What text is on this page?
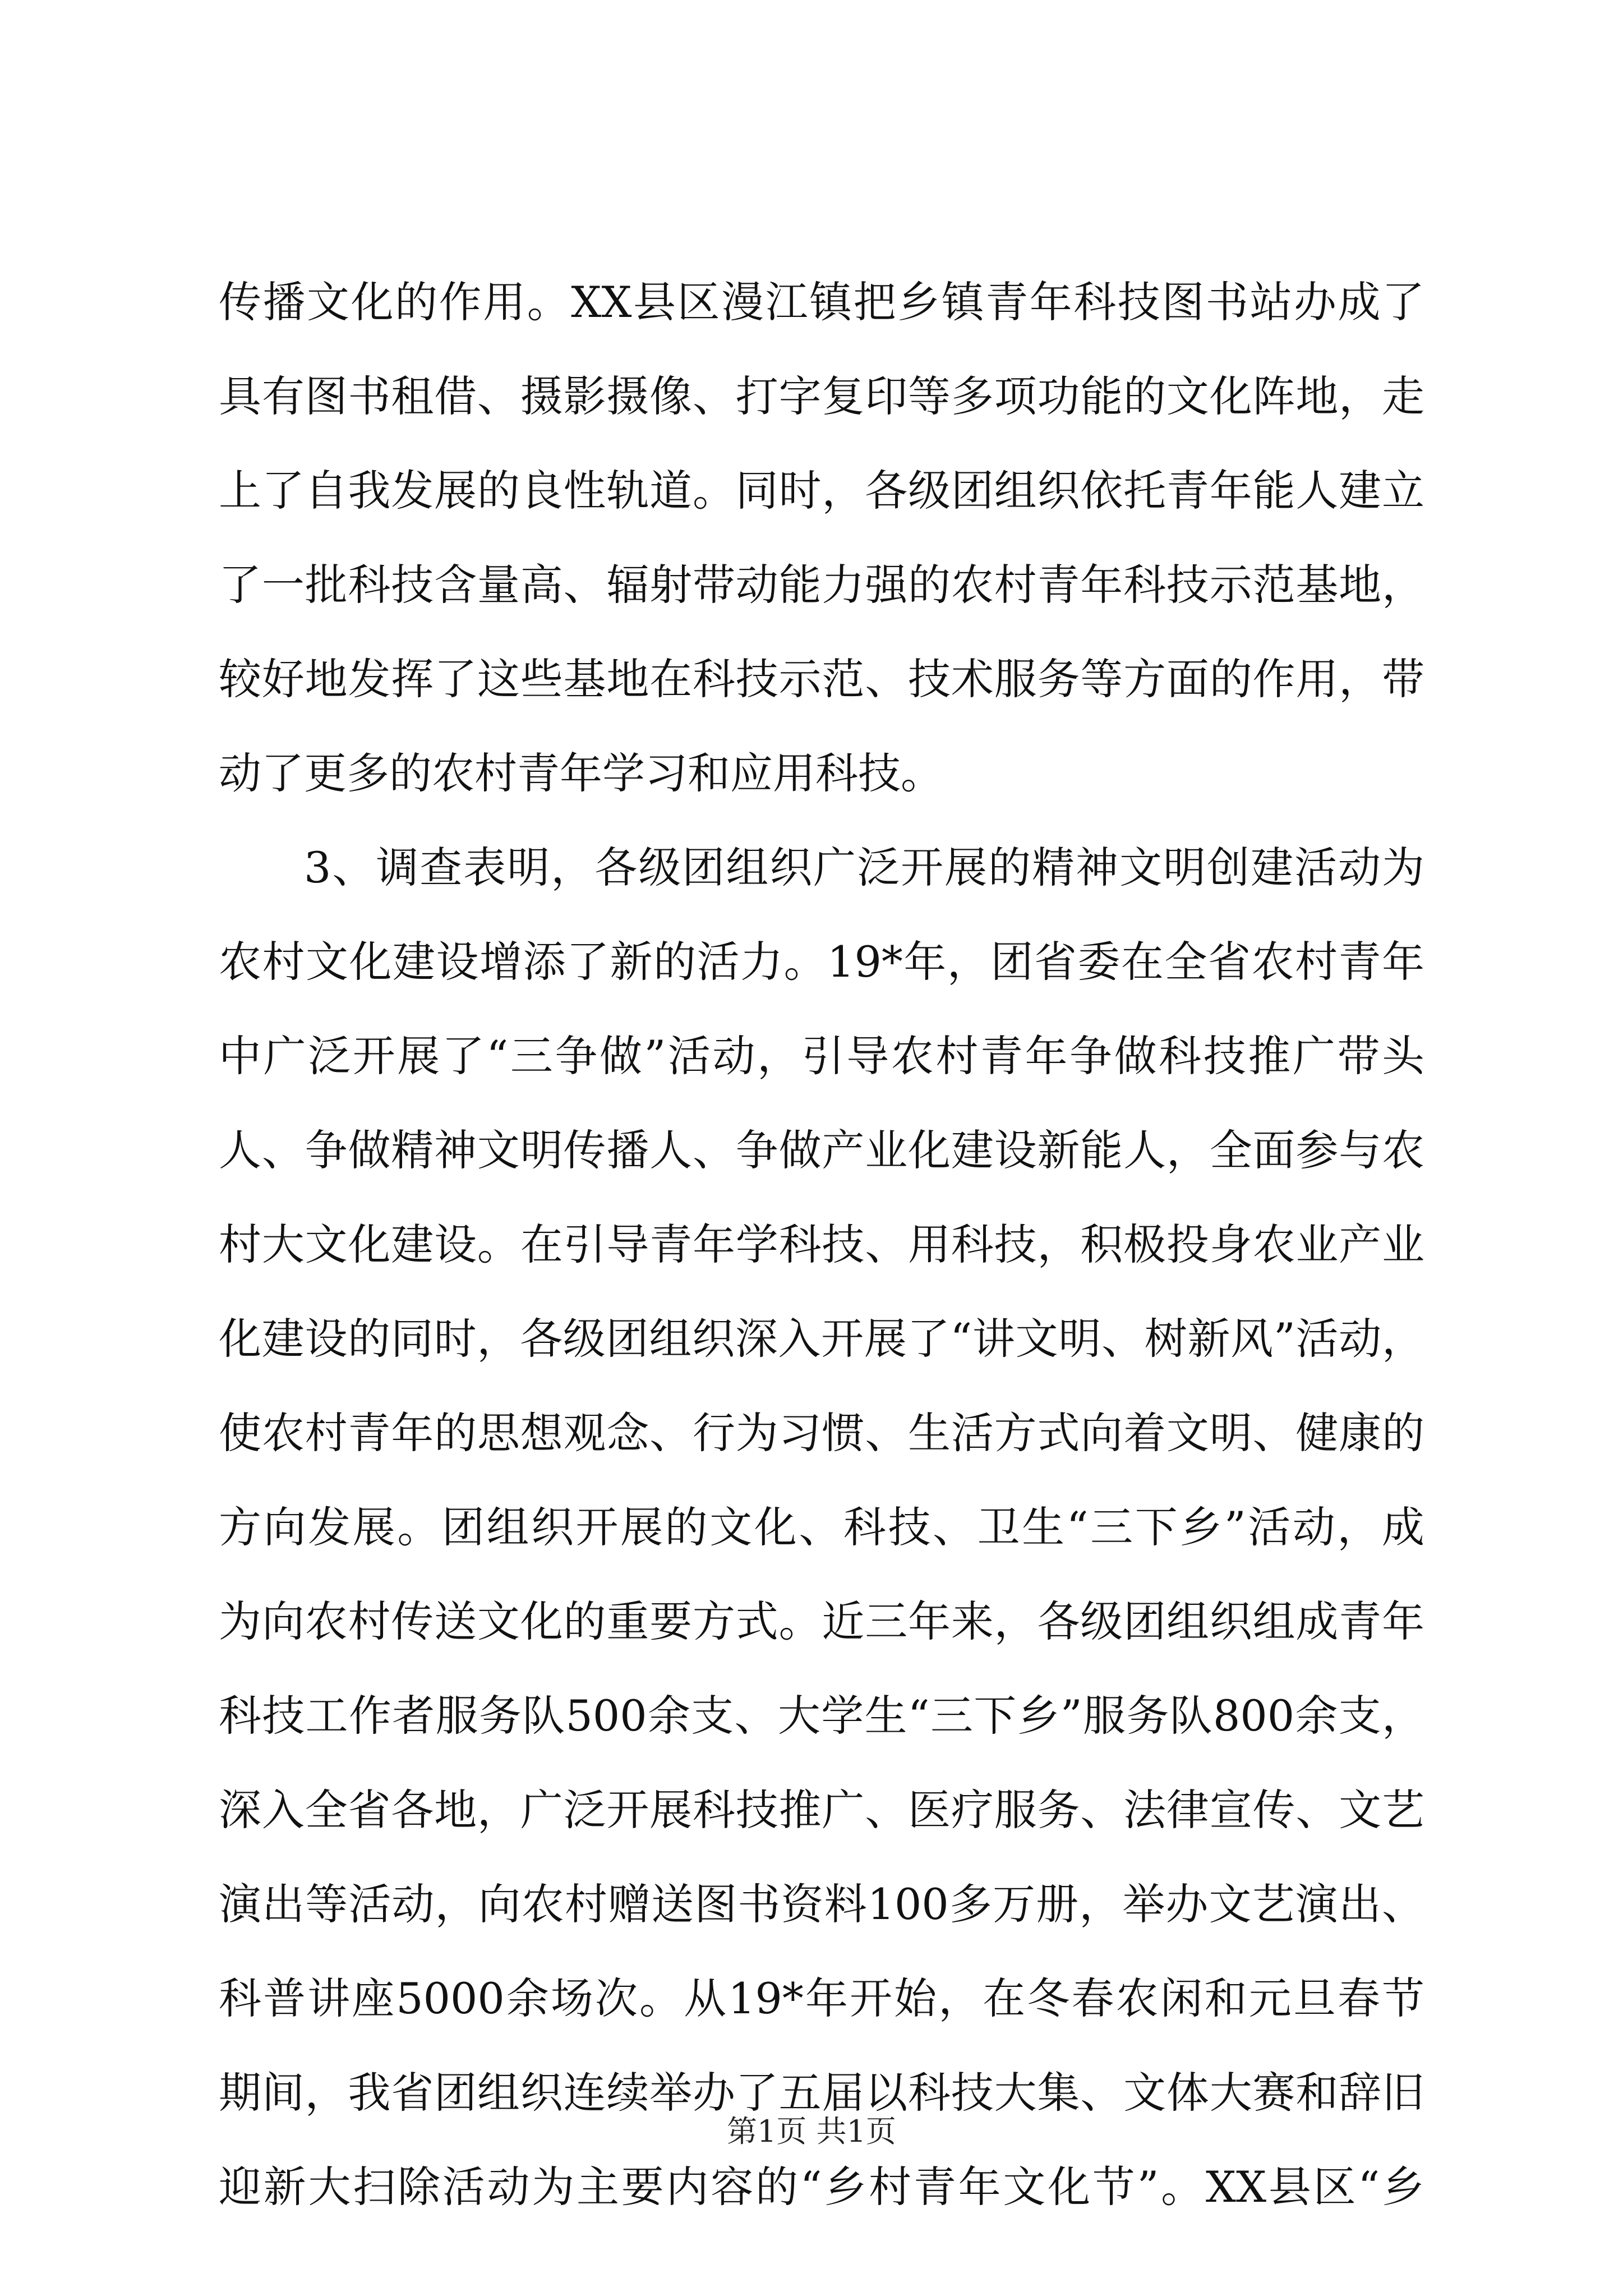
传播文化的作用。XX县区漫江镇把乡镇青年科技图书站办成了
具有图书租借、摄影摄像、打字复印等多项功能的文化阵地，走
上了自我发展的良性轨道。同时，各级团组织依托青年能人建立
了一批科技含量高、辐射带动能力强的农村青年科技示范基地，
较好地发挥了这些基地在科技示范、技术服务等方面的作用，带
动了更多的农村青年学习和应用科技。
3、调查表明，各级团组织广泛开展的精神文明创建活动为
农村文化建设增添了新的活力。19*年，团省委在全省农村青年
中广泛开展了“三争做”活动，引导农村青年争做科技推广带头
人、争做精神文明传播人、争做产业化建设新能人，全面参与农
村大文化建设。在引导青年学科技、用科技，积极投身农业产业
化建设的同时，各级团组织深入开展了“讲文明、树新风”活动，
使农村青年的思想观念、行为习惯、生活方式向着文明、健康的
方向发展。团组织开展的文化、科技、卫生“三下乡”活动，成
为向农村传送文化的重要方式。近三年来，各级团组织组成青年
科技工作者服务队500余支、大学生“三下乡”服务队800余支，
深入全省各地，广泛开展科技推广、医疗服务、法律宣传、文艺
演出等活动，向农村赠送图书资料100多万册，举办文艺演出、
科普讲座5000余场次。从19*年开始，在冬春农闲和元旦春节
期间，我省团组织连续举办了五届以科技大集、文体大赛和辞旧
迎新大扫除活动为主要内容的“乡村青年文化节”。XX县区“乡
第1页 共1页
